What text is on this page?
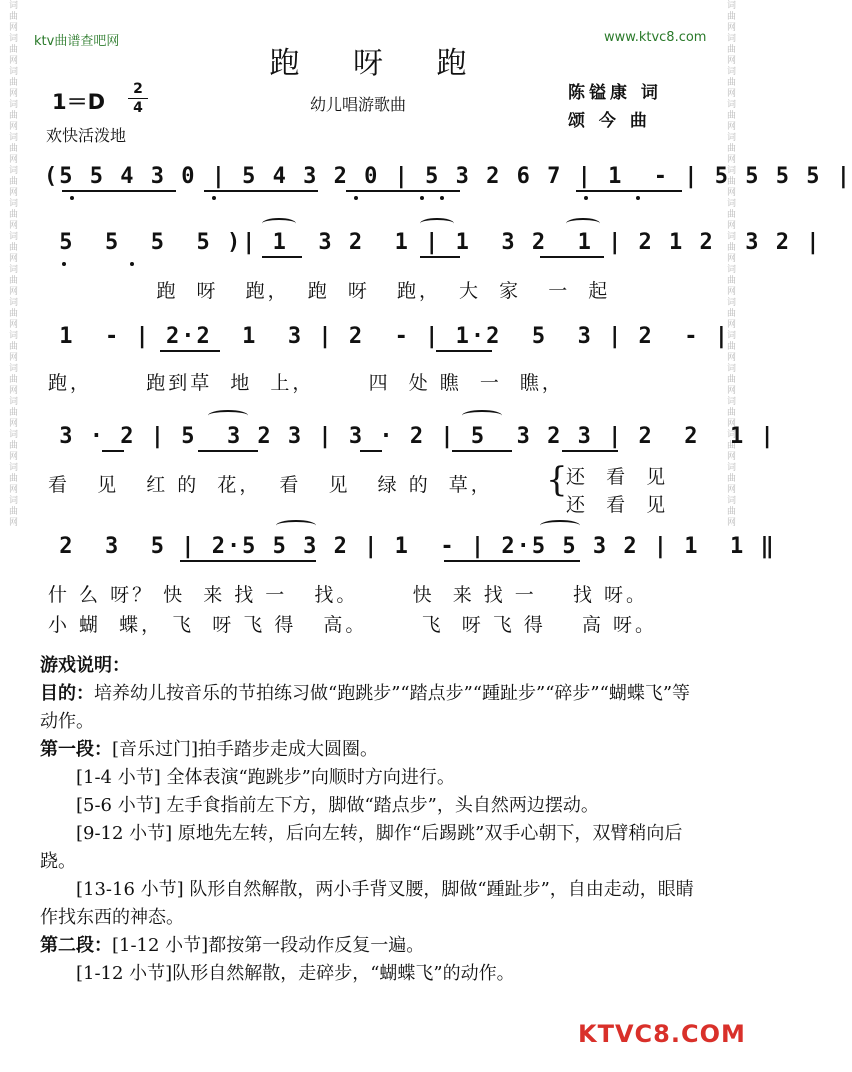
词曲网词曲网词曲网词曲网词曲网词曲网词曲网词曲网词曲网词曲网词曲网词曲网词曲网词曲网词曲网词曲网	词曲网词曲网词曲网词曲网词曲网词曲网词曲网词曲网词曲网词曲网词曲网词曲网词曲网词曲网词曲网词曲网
ktv曲谱查吧网	www.ktvc8.com
跑 呀 跑
幼儿唱游歌曲
1＝D
2
4
欢快活泼地
陈镒康 词
颂 今 曲
(5 5 4 3 0 | 5 4 3 2 0 | 5 3 2 6 7 | 1  - | 5 5 5 5 |
5  5  5  5 )| 1  3 2  1 | 1  3 2  1 | 2 1 2  3 2 |
跑  呀   跑，  跑  呀   跑，  大  家   一  起
1  - | 2·2  1  3 | 2  - | 1·2  5  3 | 2  - |
跑，      跑到草  地  上，      四  处 瞧  一  瞧，
3 · 2 | 5  3 2 3 | 3 · 2 | 5  3 2 3 | 2  2  1 |
看   见   红 的  花，  看   见   绿 的  草，	{
还  看  见
还  看  见
2  3  5 | 2·5 5 3 2 | 1  - | 2·5 5 3 2 | 1  1 ‖
什 么 呀？ 快  来 找 一   找。      快  来 找 一    找 呀。
小 蝴  蝶， 飞  呀 飞 得   高。      飞  呀 飞 得    高 呀。
游戏说明：
目的：培养幼儿按音乐的节拍练习做“跑跳步”“踏点步”“踵趾步”“碎步”“蝴蝶飞”等动作。
第一段：[音乐过门]拍手踏步走成大圆圈。
[1-4 小节] 全体表演“跑跳步”向顺时方向进行。
[5-6 小节] 左手食指前左下方，脚做“踏点步”，头自然两边摆动。
[9-12 小节] 原地先左转，后向左转，脚作“后踢跳”双手心朝下，双臂稍向后跷。
[13-16 小节] 队形自然解散，两小手背叉腰，脚做“踵趾步”，自由走动，眼睛作找东西的神态。
第二段：[1-12 小节]都按第一段动作反复一遍。
[1-12 小节]队形自然解散，走碎步，“蝴蝶飞”的动作。
KTVC8.COM
